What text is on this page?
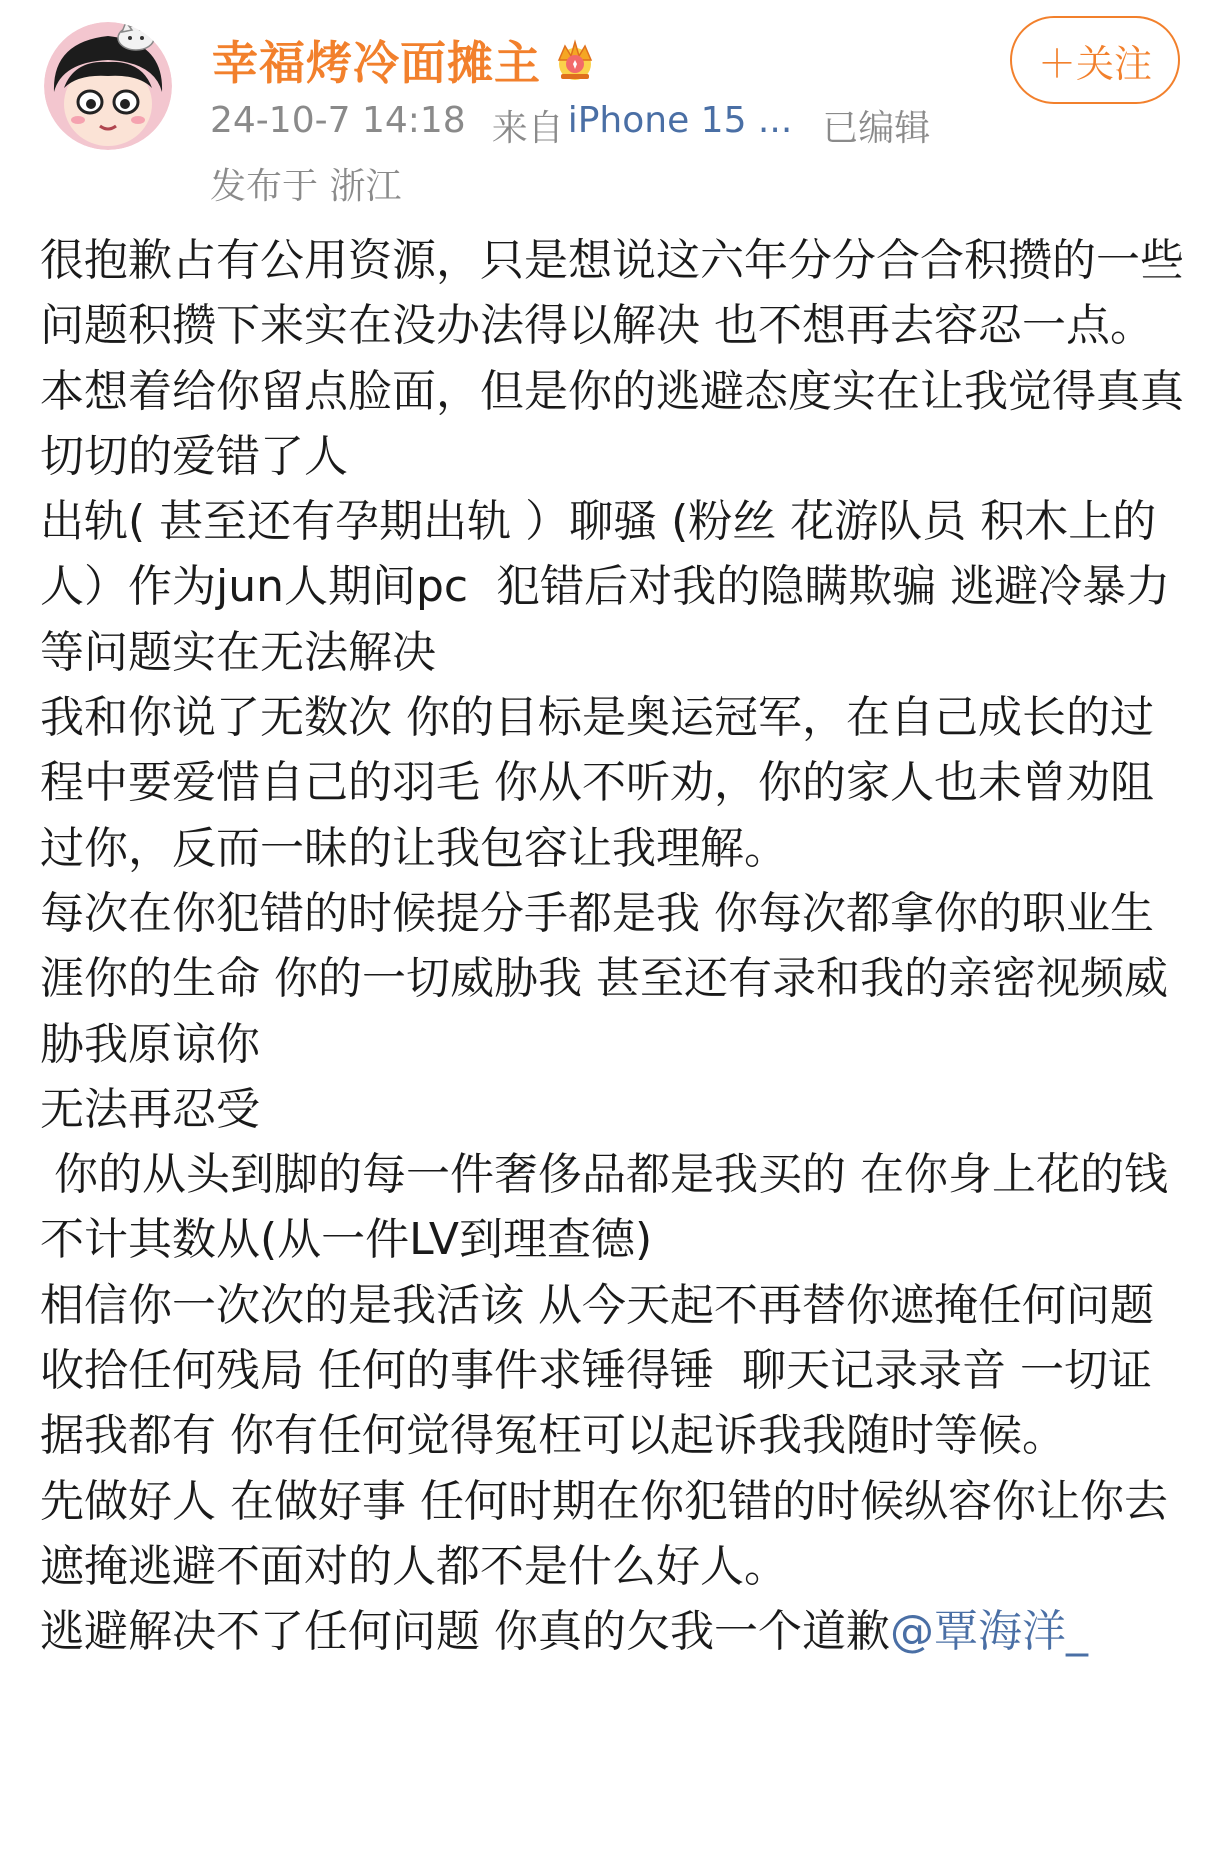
幸福烤冷面摊主
24-10-7 14:18 来自 iPhone 15 ... 已编辑
发布于 浙江
＋关注

很抱歉占有公用资源，只是想说这六年分分合合积攒的一些问题积攒下来实在没办法得以解决 也不想再去容忍一点。

本想着给你留点脸面，但是你的逃避态度实在让我觉得真真切切的爱错了人

出轨( 甚至还有孕期出轨 ）聊骚 (粉丝 花游队员 积木上的人）作为jun人期间pc  犯错后对我的隐瞒欺骗 逃避冷暴力等问题实在无法解决

我和你说了无数次 你的目标是奥运冠军，在自己成长的过程中要爱惜自己的羽毛 你从不听劝，你的家人也未曾劝阻过你，反而一昧的让我包容让我理解。

每次在你犯错的时候提分手都是我 你每次都拿你的职业生涯你的生命 你的一切威胁我 甚至还有录和我的亲密视频威胁我原谅你

无法再忍受

你的从头到脚的每一件奢侈品都是我买的 在你身上花的钱不计其数从(从一件LV到理查德)

相信你一次次的是我活该 从今天起不再替你遮掩任何问题 收拾任何残局 任何的事件求锤得锤  聊天记录录音 一切证据我都有 你有任何觉得冤枉可以起诉我我随时等候。

先做好人 在做好事 任何时期在你犯错的时候纵容你让你去遮掩逃避不面对的人都不是什么好人。

逃避解决不了任何问题 你真的欠我一个道歉@覃海洋_
